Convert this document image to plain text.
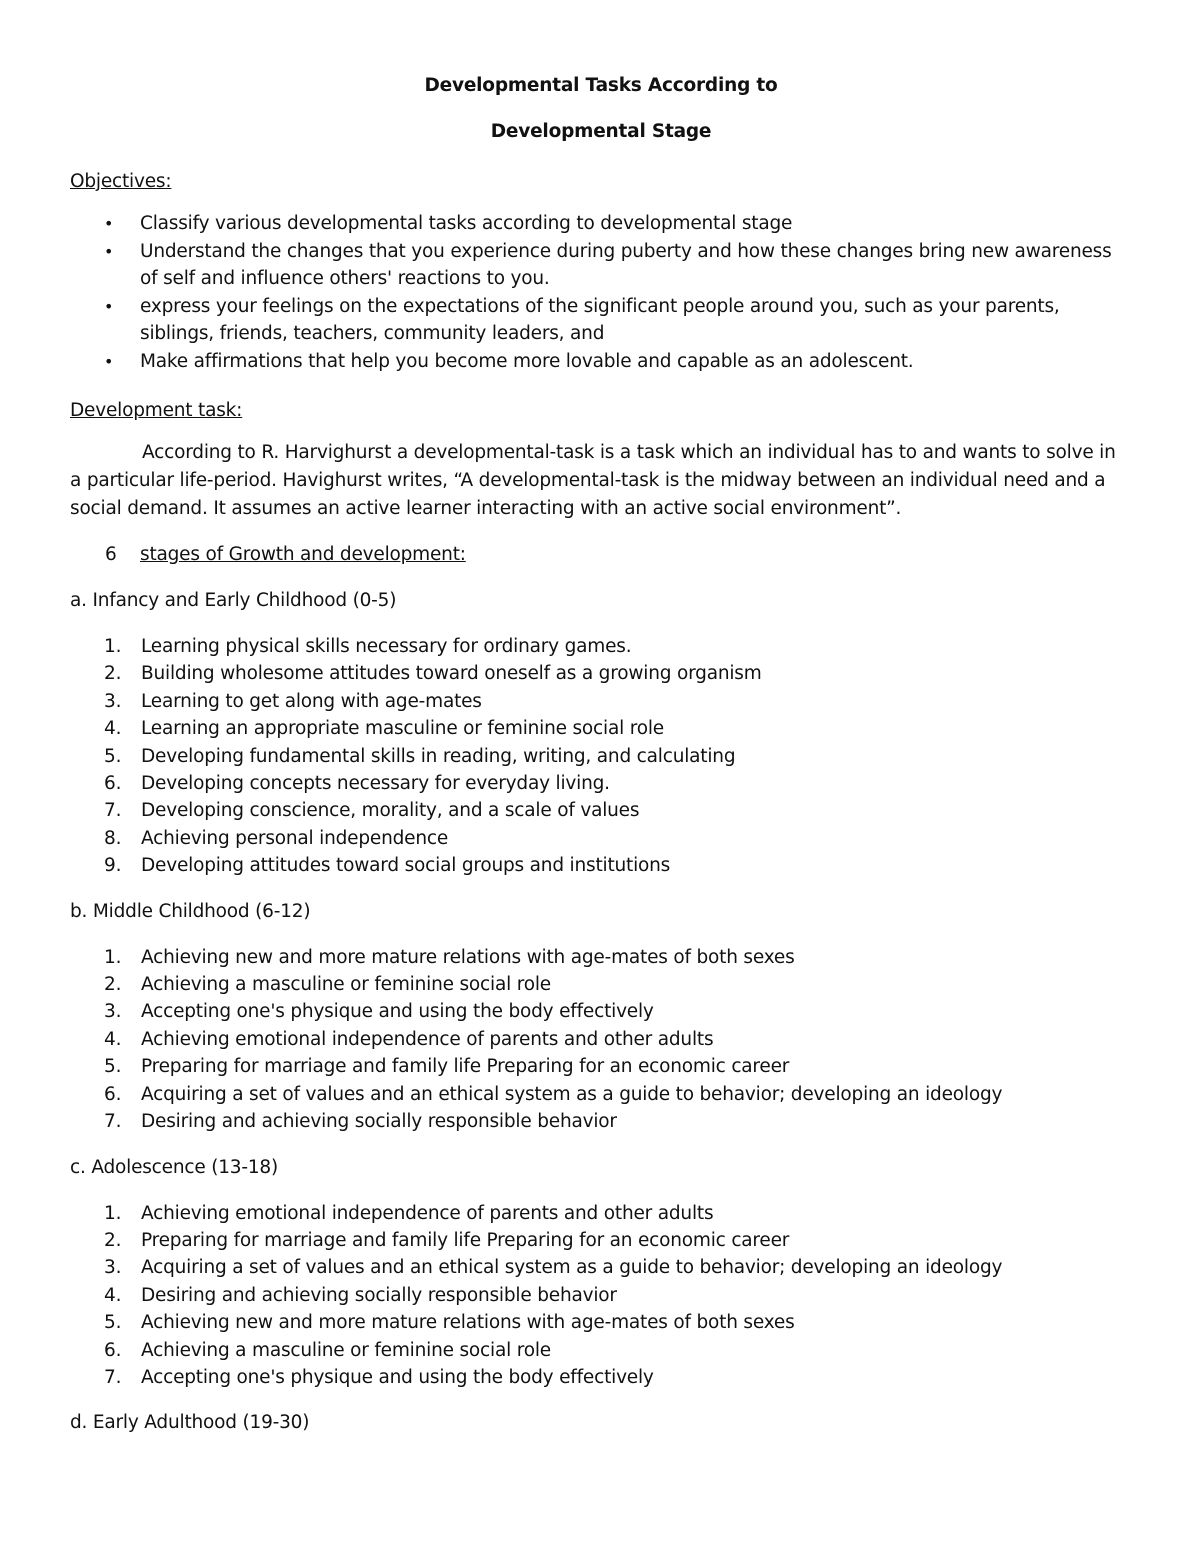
Developmental Tasks According to

Developmental Stage

Objectives:

• Classify various developmental tasks according to developmental stage
• Understand the changes that you experience during puberty and how these changes bring new awareness of self and influence others' reactions to you.
• express your feelings on the expectations of the significant people around you, such as your parents, siblings, friends, teachers, community leaders, and
• Make affirmations that help you become more lovable and capable as an adolescent.

Development task:

According to R. Harvighurst a developmental-task is a task which an individual has to and wants to solve in a particular life-period. Havighurst writes, “A developmental-task is the midway between an individual need and a social demand. It assumes an active learner interacting with an active social environment”.

6 stages of Growth and development:

a. Infancy and Early Childhood (0-5)

1. Learning physical skills necessary for ordinary games.
2. Building wholesome attitudes toward oneself as a growing organism
3. Learning to get along with age-mates
4. Learning an appropriate masculine or feminine social role
5. Developing fundamental skills in reading, writing, and calculating
6. Developing concepts necessary for everyday living.
7. Developing conscience, morality, and a scale of values
8. Achieving personal independence
9. Developing attitudes toward social groups and institutions

b. Middle Childhood (6-12)

1. Achieving new and more mature relations with age-mates of both sexes
2. Achieving a masculine or feminine social role
3. Accepting one's physique and using the body effectively
4. Achieving emotional independence of parents and other adults
5. Preparing for marriage and family life Preparing for an economic career
6. Acquiring a set of values and an ethical system as a guide to behavior; developing an ideology
7. Desiring and achieving socially responsible behavior

c. Adolescence (13-18)

1. Achieving emotional independence of parents and other adults
2. Preparing for marriage and family life Preparing for an economic career
3. Acquiring a set of values and an ethical system as a guide to behavior; developing an ideology
4. Desiring and achieving socially responsible behavior
5. Achieving new and more mature relations with age-mates of both sexes
6. Achieving a masculine or feminine social role
7. Accepting one's physique and using the body effectively

d. Early Adulthood (19-30)
